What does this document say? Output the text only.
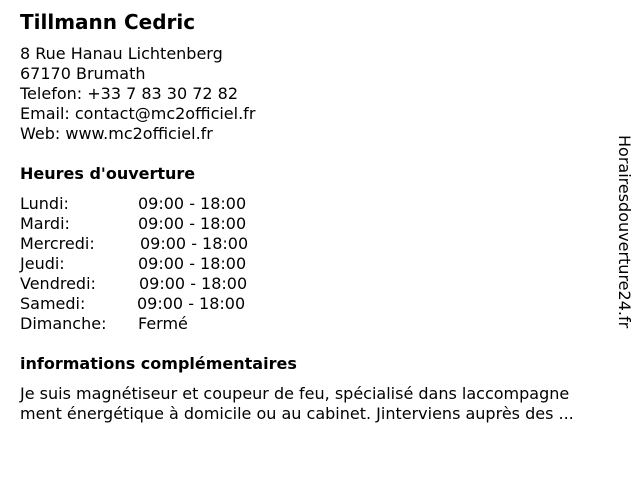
Tillmann Cedric
8 Rue Hanau Lichtenberg
67170 Brumath
Telefon: +33 7 83 30 72 82
Email: contact@mc2officiel.fr
Web: www.mc2officiel.fr
Heures d'ouverture
Lundi:	09:00 - 18:00
Mardi:	09:00 - 18:00
Mercredi:	09:00 - 18:00
Jeudi:	09:00 - 18:00
Vendredi:	09:00 - 18:00
Samedi:	09:00 - 18:00
Dimanche: Fermé
informations complémentaires
Je suis magnétiseur et coupeur de feu, spécialisé dans laccompagne
ment énergétique à domicile ou au cabinet. Jinterviens auprès des ...
Horairesdouverture24.fr
